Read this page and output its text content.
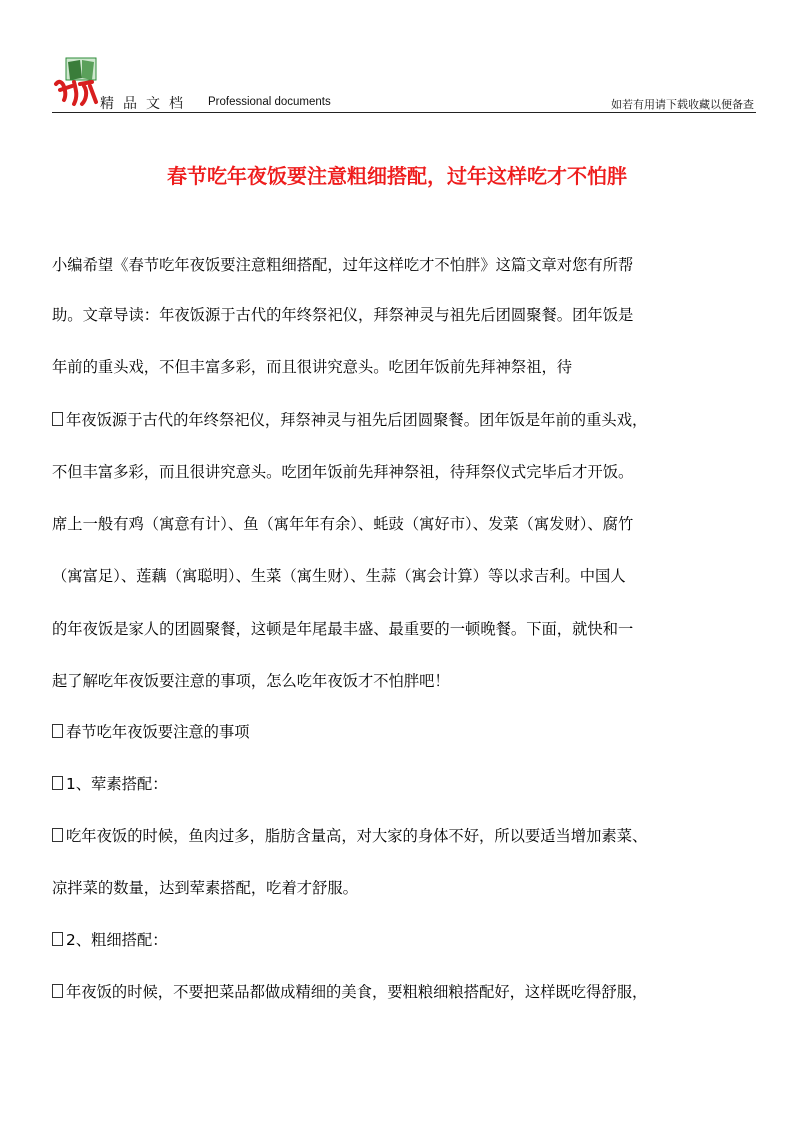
精品文档 Professional documents	如若有用请下载收藏以便备查
春节吃年夜饭要注意粗细搭配，过年这样吃才不怕胖
小编希望《春节吃年夜饭要注意粗细搭配，过年这样吃才不怕胖》这篇文章对您有所帮
助。文章导读：年夜饭源于古代的年终祭祀仪，拜祭神灵与祖先后团圆聚餐。团年饭是
年前的重头戏，不但丰富多彩，而且很讲究意头。吃团年饭前先拜神祭祖，待
年夜饭源于古代的年终祭祀仪，拜祭神灵与祖先后团圆聚餐。团年饭是年前的重头戏，
不但丰富多彩，而且很讲究意头。吃团年饭前先拜神祭祖，待拜祭仪式完毕后才开饭。
席上一般有鸡（寓意有计）、鱼（寓年年有余）、蚝豉（寓好市）、发菜（寓发财）、腐竹
（寓富足）、莲藕（寓聪明）、生菜（寓生财）、生蒜（寓会计算）等以求吉利。中国人
的年夜饭是家人的团圆聚餐，这顿是年尾最丰盛、最重要的一顿晚餐。下面，就快和一
起了解吃年夜饭要注意的事项，怎么吃年夜饭才不怕胖吧！
春节吃年夜饭要注意的事项
1、荤素搭配：
吃年夜饭的时候，鱼肉过多，脂肪含量高，对大家的身体不好，所以要适当增加素菜、
凉拌菜的数量，达到荤素搭配，吃着才舒服。
2、粗细搭配：
年夜饭的时候，不要把菜品都做成精细的美食，要粗粮细粮搭配好，这样既吃得舒服，
